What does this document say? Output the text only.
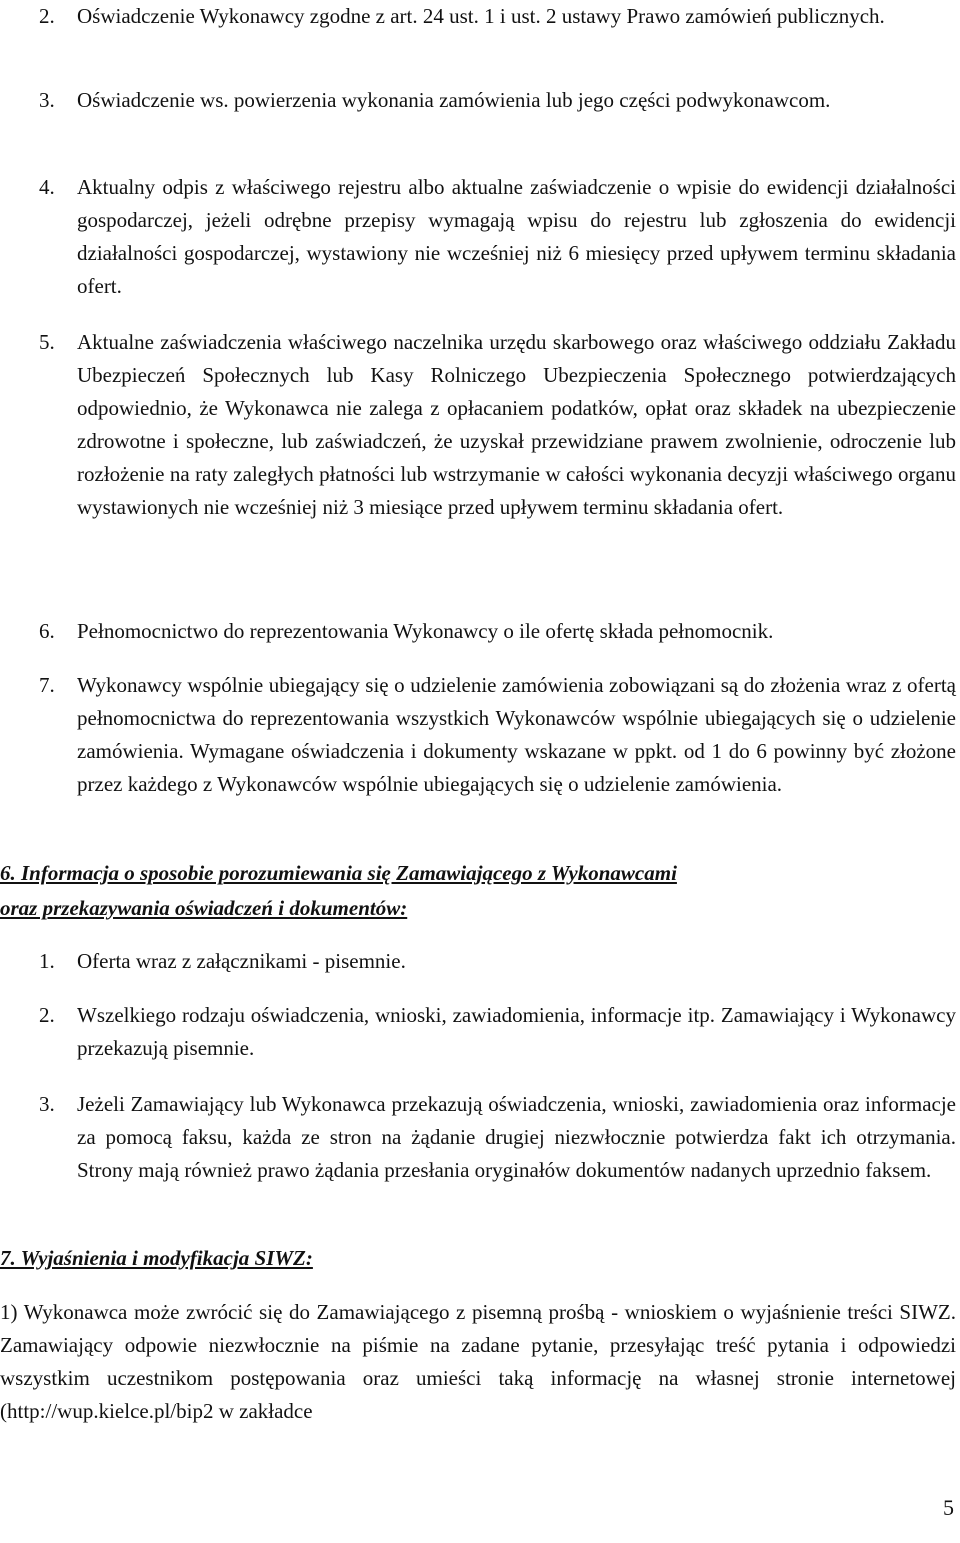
2.	Oświadczenie Wykonawcy zgodne z art. 24 ust. 1 i ust. 2 ustawy Prawo zamówień publicznych.
3.	Oświadczenie ws. powierzenia wykonania zamówienia lub jego części podwykonawcom.
4.	Aktualny odpis z właściwego rejestru albo aktualne zaświadczenie o wpisie do ewidencji działalności gospodarczej, jeżeli odrębne przepisy wymagają wpisu do rejestru lub zgłoszenia do ewidencji działalności gospodarczej, wystawiony nie wcześniej niż 6 miesięcy przed upływem terminu składania ofert.
5.	Aktualne zaświadczenia właściwego naczelnika urzędu skarbowego oraz właściwego oddziału Zakładu Ubezpieczeń Społecznych lub Kasy Rolniczego Ubezpieczenia Społecznego potwierdzających odpowiednio, że Wykonawca nie zalega z opłacaniem podatków, opłat oraz składek na ubezpieczenie zdrowotne i społeczne, lub zaświadczeń, że uzyskał przewidziane prawem zwolnienie, odroczenie lub rozłożenie na raty zaległych płatności lub wstrzymanie w całości wykonania decyzji właściwego organu wystawionych nie wcześniej niż 3 miesiące przed upływem terminu składania ofert.
6.	Pełnomocnictwo do reprezentowania Wykonawcy o ile ofertę składa pełnomocnik.
7.	Wykonawcy wspólnie ubiegający się o udzielenie zamówienia zobowiązani są do złożenia wraz z ofertą pełnomocnictwa do reprezentowania wszystkich Wykonawców wspólnie ubiegających się o udzielenie zamówienia. Wymagane oświadczenia i dokumenty wskazane w ppkt. od 1 do 6 powinny być złożone przez każdego z Wykonawców wspólnie ubiegających się o udzielenie zamówienia.
6. Informacja o sposobie porozumiewania się Zamawiającego z Wykonawcami
oraz przekazywania oświadczeń i dokumentów:
1.	Oferta wraz z załącznikami - pisemnie.
2.	Wszelkiego rodzaju oświadczenia, wnioski, zawiadomienia, informacje itp. Zamawiający i Wykonawcy przekazują pisemnie.
3.	Jeżeli Zamawiający lub Wykonawca przekazują oświadczenia, wnioski, zawiadomienia oraz informacje za pomocą faksu, każda ze stron na żądanie drugiej niezwłocznie potwierdza fakt ich otrzymania. Strony mają również prawo żądania przesłania oryginałów dokumentów nadanych uprzednio faksem.
7. Wyjaśnienia i modyfikacja SIWZ:
1) Wykonawca może zwrócić się do Zamawiającego z pisemną prośbą - wnioskiem o wyjaśnienie treści SIWZ. Zamawiający odpowie niezwłocznie na piśmie na zadane pytanie, przesyłając treść pytania i odpowiedzi wszystkim uczestnikom postępowania oraz umieści taką informację na własnej stronie internetowej (http://wup.kielce.pl/bip2 w zakładce
5
